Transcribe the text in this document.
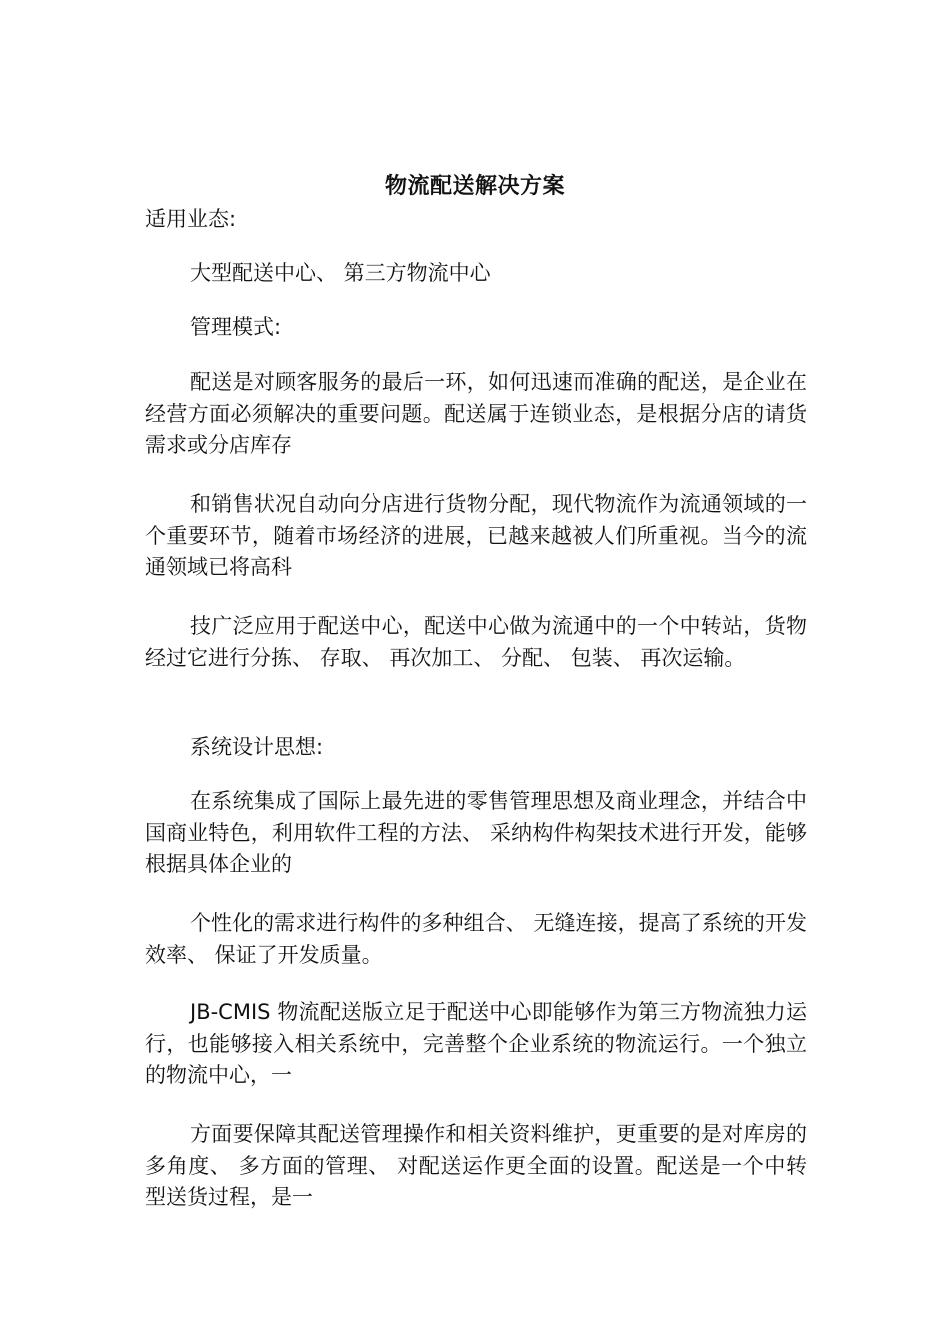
物流配送解决方案
适用业态:
大型配送中心、 第三方物流中心
管理模式:
配送是对顾客服务的最后一环，如何迅速而准确的配送，是企业在经营方面必须解决的重要问题。配送属于连锁业态，是根据分店的请货需求或分店库存
和销售状况自动向分店进行货物分配，现代物流作为流通领域的一个重要环节，随着市场经济的进展，已越来越被人们所重视。当今的流通领域已将高科
技广泛应用于配送中心，配送中心做为流通中的一个中转站，货物经过它进行分拣、 存取、 再次加工、 分配、 包装、 再次运输。
系统设计思想:
在系统集成了国际上最先进的零售管理思想及商业理念，并结合中国商业特色，利用软件工程的方法、 采纳构件构架技术进行开发，能够根据具体企业的
个性化的需求进行构件的多种组合、 无缝连接，提高了系统的开发效率、 保证了开发质量。
JB-CMIS 物流配送版立足于配送中心即能够作为第三方物流独力运行，也能够接入相关系统中，完善整个企业系统的物流运行。一个独立的物流中心，一
方面要保障其配送管理操作和相关资料维护，更重要的是对库房的多角度、 多方面的管理、 对配送运作更全面的设置。配送是一个中转型送货过程，是一
